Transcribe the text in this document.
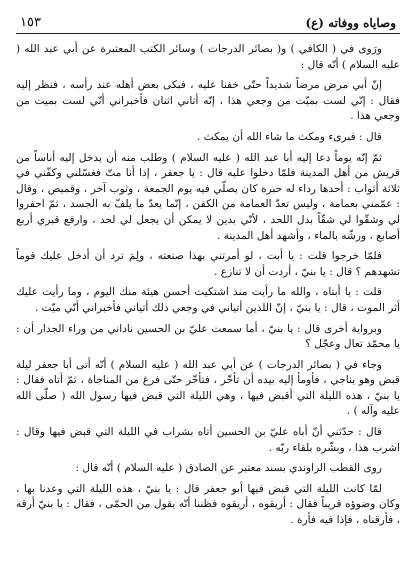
١٥٣	وصاياه ووفاته (ع)

ورَوى في ( الكافي ) و( بصائر الدرجات ) وسائر الكتب المعتبرة عن أبي عبد الله ( عليه السلام ) أنّه قال :

إنّ أبي مرض مرضاً شديداً حتّى خفنا عليه ، فبكى بعض أهله عند رأسه ، فنظر إليه فقال : إنّي لست بميّت من وجعي هذا ، إنّه أتاني اثنان فأخبراني أنّي لست بميت من وجعي هذا .

قال : فبرىء ومكث ما شاء الله أن يمكث .

ثمّ إنّه يوماً دعا إليه أبا عبد الله ( عليه السلام ) وطلب منه أن يدخل إليه أناساً من قريش من أهل المدينة فلمّا دخلوا عليه قال : يا جعفر ، إذا أنا متّ فغسّلني وكفّني في ثلاثة أثواب : أحدها رداء له حبرة كان يصلّي فيه يوم الجمعة ، وثوب آخر ، وقميص ، وقال : عمّمني بعمامة ، وليس تعدّ العمامة من الكفن ، إنّما يعدّ ما يلفّ به الجسد ، ثمّ احفروا لي وشقّوا لي شقّاً بدل اللحد ، لأنّي بدين لا يمكن أن يجعل لي لحد ، وارفع قبري أربع أصابع ، ورشّه بالماء ، وأشهد أهل المدينة .

فلمّا خرجوا قلت : يا أبت ، لو أمرتني بهذا صنعته ، ولِمَ ترد أن أدخل عليك قوماً تشهدهم ؟ قال : يا بنيّ ، أردت أن لا تنازع .

قلت : يا أبتاه ، والله ما رأيت منذ اشتكيت أحسن هيئة منك اليوم ، وما رأيت عليك أثر الموت ، قال : يا بنيّ ، إنّ اللذين أتياني في وجعي ذلك أتياني فأخبراني أنّي ميّت .

وبرواية أخرى قال : يا بنيّ ، أما سمعت عليّ بن الحسين ناداني من وراء الجدار أن : يا محمّد تعال وعجّل ؟

وجاء في ( بصائر الدرجات ) عن أبي عبد الله ( عليه السلام ) أنّه أتى أبا جعفر ليلة قبض وهو يناجي ، فأومأ إليه بيده أن تأخّر ، فتأخّر حتّى فرغ من المناجاة ، ثمّ أتاه فقال : يا بنيّ ، هذه الليلة التي أقبض فيها ، وهي الليلة التي قبض فيها رسول الله ( صلّى الله عليه وآله ) .

قال : حدّثني أنّ أباه عليّ بن الحسين أتاه بشراب في الليلة التي قبض فيها وقال : اشرب هذا ، وبشّره بلقاء ربّه .

روى القطب الراوندي بسند معتبر عن الصادق ( عليه السلام ) أنّه قال :

لمّا كانت الليلة التي قبض فيها أبو جعفر قال : يا بنيّ ، هذه الليلة التي وعدنا بها ، وكان وضوؤه قريباً فقال : أريقوه ، أريقوه فظننا أنّه يقول من الحمّى ، فقال : يا بنيّ أرقه ، فأرقناه ، فإذا فيه فأرة .
